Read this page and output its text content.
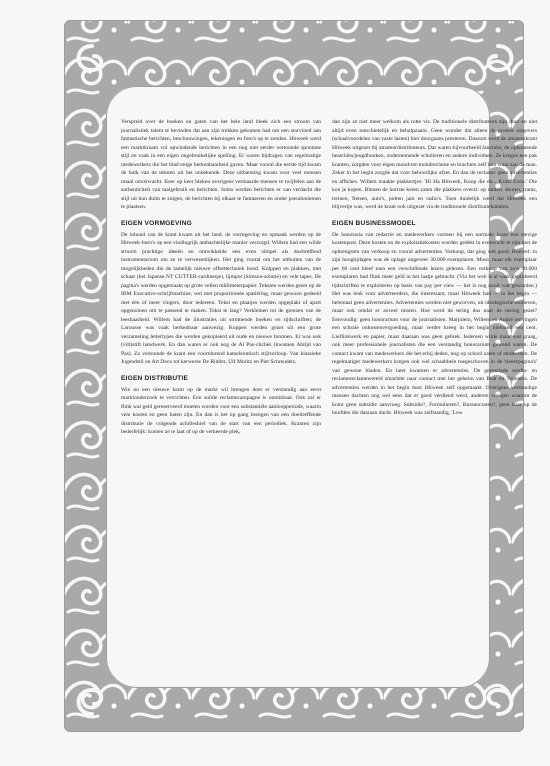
Verspreid over de boeken en gaten van het hele land bleek zich een stroom van journalistiek talent te bevinden dat aan zijn trekken gekomen had om een storvloed aan fantastische berichten, beschouwingen, tekeningen en foto's op te zenden. Hitweek werd een marktkraam vol opwindende berichten in een nog niet eerder vertoonde spontane stijl en vaak in een eigen ongebruikelijke spelling. Er waren bijdragen van regelmatige medewerkers die het blad enige herkenbaarheid gaven. Maar vooral die eerste tijd kwam de bulk van de teksten uit het onbekende. Deze uitbarsting kwam voor veel mensen totaal onverwacht. Keer op keer bleken overigens vermaarde mensen te twijfelen aan de authenticiteit van taalgebruik en berichten. Soms werden berichten er van verdacht die stijl uit hun duim te zuigen, de berichten bij elkaar te fantaseren en onder pseudoniemen te plaatsen.

EIGEN VORMGEVING

De inhoud van de krant kwam uit het land, de vormgeving en opmaak werden op de Hitweek-buro's op een vindingrijk ambachtelijke manier verzorgd. Willem had een wilde stroom prachtige ideeën en ontwikkelde een even simpel als doeltreffend instrumentarium om ze te verwezenlijken. Het ging vooral om het uitbuiten van de mogelijkheden die de tamelijk nieuwe offsettechniek bood. Knippen en plakken, met schaar (het Japanse NT CUTTER-cardmesje), lijmpot (Simson-solutie) en vele tapes. De pagina's werden opgemaakt op grote vellen millimeterpapier. Teksten werden gezet op de IBM Executive-schrijfmachine, wel met proportionele spatiëring, maar gewoon gedeeld met één of meer vingers, door iedereen. Tekst en plaatjes werden opgeplakt of apart opgenomen om te passend te maken. Tekst te lang? Verkleinen tot de grenzen van de leesbaarheid. Willem had de illustraties uit stromende boeken en tijdschriften; de Larousse was vaak herkenbaar aanwezig. Koppen werden gezet uit een grote verzameling lettertypes die werden gekopieerd uit oude en nieuwe bronnen. Er was ook (vilt)stift handwerk. En dan waren er ook nog de Al Pas-clichés (kwamen Abtijd van Pas). Zo vertoonde de krant een voortdurend kameleontisch stijlverloop. Van klassieke Jugendstil en Art Deco tot kerwerse De Ridder, Ulf Moritz en Piet Schreuders.

EIGEN DISTRIBUTIE

Wie nu een nieuwe krant op de markt wil brengen doet er verstandig aan eerst marktonderzoek te verrichten. Een solide reclamecampagne is onmisbaar. Ook zal er flink wat geld gereserveerd moeten worden voor een substantiële aanloopperiode, waarin vele kosten en geen baten zijn. En dan is het op gang brengen van een doeltreffende distributie de volgende achilleshiel van de start van een periodiek. Kranten zijn bederfelijk: komen ze te laat of op de verkeerde plek,

dan zijn ze niet meer welkom als rotte vis. De traditionele distributeurs zijn duur en niet altijd even toeschietelijk en behulpzaam. Geen wonder dat alleen de grotere uitgevers (schaalvoordelen van vaste lasten) hier doorgaans presteren. Daarom werd de amateurkrant Hitweek uitgezet bij amateurdistributeurs. Dat waren bijvoorbeeld fanclubs, de opkomende beatclubs/jeugdhonken, ondernemende scholieren en andere individuen. Ze kregen een pak kranten, zorgden voor eigen mond-tot-mondreclame en brachten zelf hun waar aan de man. Zeker in het begin zorgde dat voor behoorlijke afzet. En dan de reclame: geen advertenties en affiches. Willem maakte plakkertjes: 'Hi Ha Hitweek, Koop die eh... Krant Even.' Die kon je kopen. Binnen de kortste keren zaten die plakkers overal: op ramen, deuren, trams, treinen, fietsen, auto's, potten jam en radio's. Toen duidelijk werd dat Hitweek een blijvertje was, werd de krant ook uitgezet via de traditionele distributiekanalen.

EIGEN BUSINESSMODEL

De honoraria van redactie en medewerkers vormen bij een normale krant een stevige kostenpost. Deze kosten en de exploitatiekosten worden gedekt in evenwicht te zijn met de opbrengsten van verkoop en vooral advertenties. Verkoop, dat ging wel goed. Hoewel: in zijn hoogtijdagen was de oplage ongeveer 30.000 exemplaren. Mooi, maar elk exemplaar per 60 cent bleef toen een verschillende lezers gelezen. Een verkoop van zo'n 90.000 exemplaren had flink meer geld in het laatje gebracht. (Via het web is al vaak geprobeerd tijdschriften te exploiteren op basis van pay per view — het is nog nooit wat geworden.) Het was leuk voor adverteerders, die interessant, maar Hitweek had — in het begin — helemaal geen advertenties. Advertenties werden niet geworven, uit ideologische motieven, maar ook omdat er zoveel misten. Hoe werd de tering dus naar de nering gezet? Eenvoudig: geen honorarium voor de journalisten. Marjolein, Willem en André ontvingen een schrale onkostenvergoeding, maar verder kreeg in het begin niemand een cent. Lieflinkwerk en papier, maar daaraan was geen gebrek. Iedereen wilde maar wat graag, ook meer professionele journalisten die een verstandig honorarium gewend waren. De contact kwam van medewerkers die het erbij deden, nog op school zaten of studeerden. De regelmatiger medewerkers kregen ook wel schaabbele toegeschoven in de 'tienerpagina's' van gewone bladen. En later kwamen er advertenties. De gevestigde media- en reclamereclamewereld smachtte naar contact met het geheim van Beat en Twieners. De advertenties werden in het begin door Hitweek zelf opgemaakt. Overigens verstandige mensen dachten nog wel eens dat er goed verdiend werd, anderen vroegen waarom de krant geen subsidie aanvroeg. Subsidie?, Formulieren?, Bureaucraten?, geen haar op de hoofden die daaraan dacht. Hitweek was zelfstandig, 'Low
